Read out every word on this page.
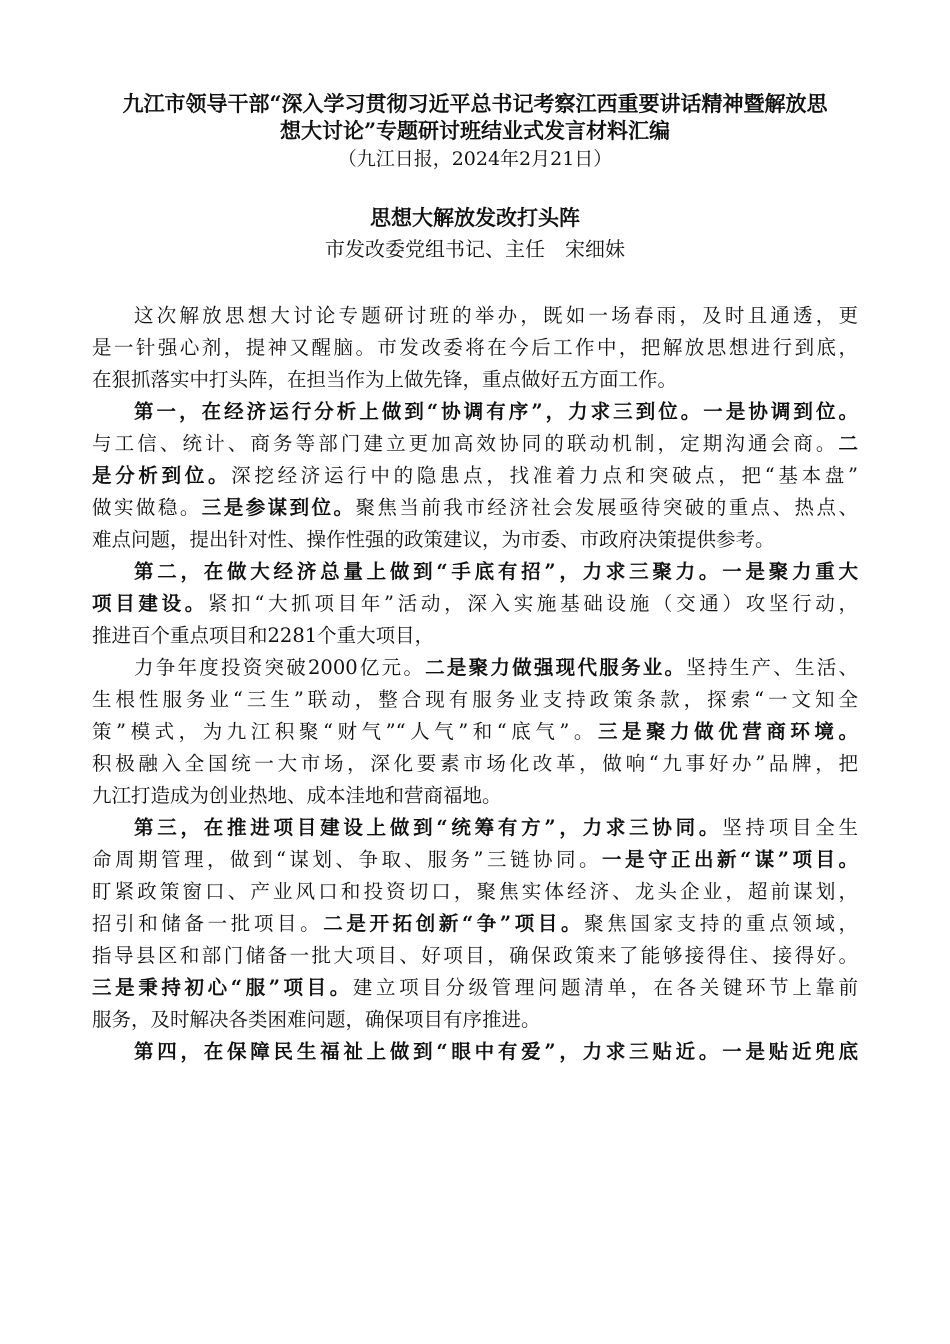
九江市领导干部“深入学习贯彻习近平总书记考察江西重要讲话精神暨解放思
想大讨论”专题研讨班结业式发言材料汇编
（九江日报，2024年2月21日）
思想大解放发改打头阵
市发改委党组书记、主任　宋细妹
这次解放思想大讨论专题研讨班的举办，既如一场春雨，及时且通透，更
是一针强心剂，提神又醒脑。市发改委将在今后工作中，把解放思想进行到底，
在狠抓落实中打头阵，在担当作为上做先锋，重点做好五方面工作。
第一，在经济运行分析上做到“协调有序”，力求三到位。一是协调到位。
与工信、统计、商务等部门建立更加高效协同的联动机制，定期沟通会商。二
是分析到位。深挖经济运行中的隐患点，找准着力点和突破点，把“基本盘”
做实做稳。三是参谋到位。聚焦当前我市经济社会发展亟待突破的重点、热点、
难点问题，提出针对性、操作性强的政策建议，为市委、市政府决策提供参考。
第二，在做大经济总量上做到“手底有招”，力求三聚力。一是聚力重大
项目建设。紧扣“大抓项目年”活动，深入实施基础设施（交通）攻坚行动，
推进百个重点项目和2281个重大项目，
力争年度投资突破2000亿元。二是聚力做强现代服务业。坚持生产、生活、
生根性服务业“三生”联动，整合现有服务业支持政策条款，探索“一文知全
策”模式，为九江积聚“财气”“人气”和“底气”。三是聚力做优营商环境。
积极融入全国统一大市场，深化要素市场化改革，做响“九事好办”品牌，把
九江打造成为创业热地、成本洼地和营商福地。
第三，在推进项目建设上做到“统筹有方”，力求三协同。坚持项目全生
命周期管理，做到“谋划、争取、服务”三链协同。一是守正出新“谋”项目。
盯紧政策窗口、产业风口和投资切口，聚焦实体经济、龙头企业，超前谋划，
招引和储备一批项目。二是开拓创新“争”项目。聚焦国家支持的重点领域，
指导县区和部门储备一批大项目、好项目，确保政策来了能够接得住、接得好。
三是秉持初心“服”项目。建立项目分级管理问题清单，在各关键环节上靠前
服务，及时解决各类困难问题，确保项目有序推进。
第四，在保障民生福祉上做到“眼中有爱”，力求三贴近。一是贴近兜底
